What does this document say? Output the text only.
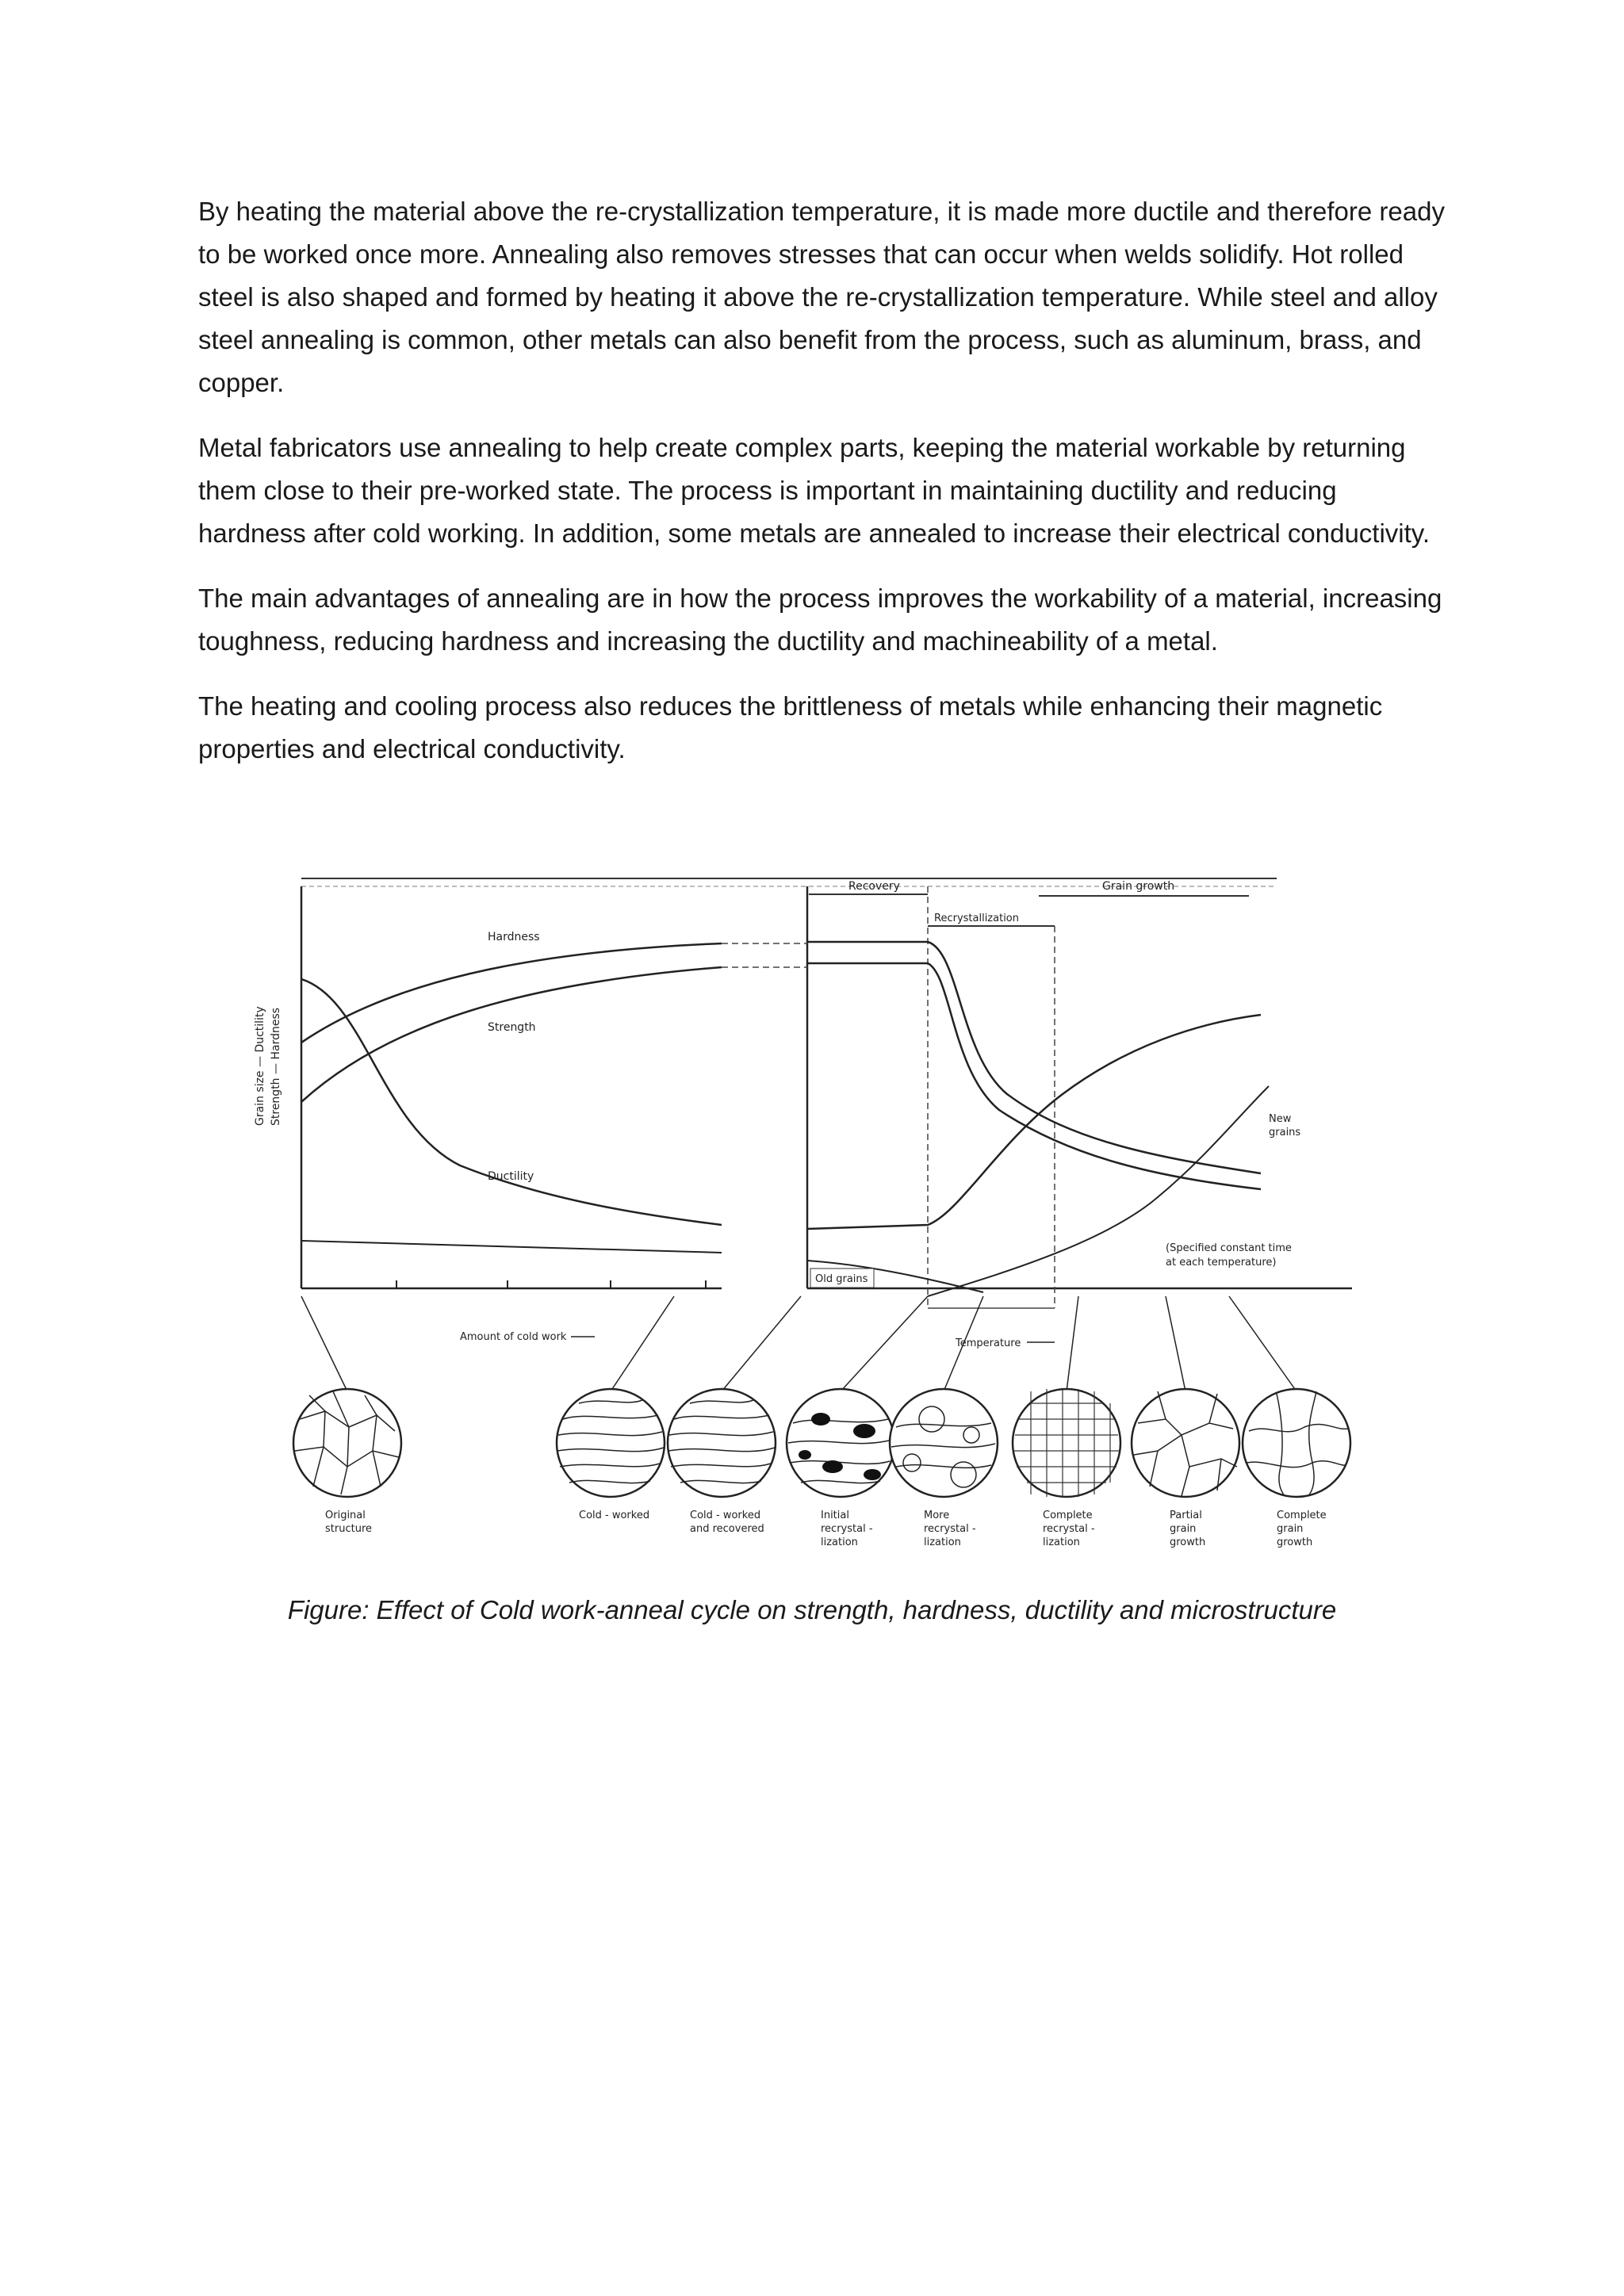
By heating the material above the re-crystallization temperature, it is made more ductile and therefore ready to be worked once more. Annealing also removes stresses that can occur when welds solidify. Hot rolled steel is also shaped and formed by heating it above the re-crystallization temperature. While steel and alloy steel annealing is common, other metals can also benefit from the process, such as aluminum, brass, and copper.

Metal fabricators use annealing to help create complex parts, keeping the material workable by returning them close to their pre-worked state. The process is important in maintaining ductility and reducing hardness after cold working. In addition, some metals are annealed to increase their electrical conductivity.

The main advantages of annealing are in how the process improves the workability of a material, increasing toughness, reducing hardness and increasing the ductility and machineability of a metal.

The heating and cooling process also reduces the brittleness of metals while enhancing their magnetic properties and electrical conductivity.

Recovery	Grain growth
Recrystallization
Grain size — Ductility Strength — Hardness
Hardness
Strength
Ductility
New
grains
Old grains
(Specified constant time
at each temperature)
Amount of cold work
Temperature
Original
structure
Cold - worked	Cold - worked
and recovered
Initial
recrystal -
lization
More
recrystal -
lization
Complete
recrystal -
lization
Partial
grain
growth
Complete
grain
growth
Figure: Effect of Cold work-anneal cycle on strength, hardness, ductility and microstructure
